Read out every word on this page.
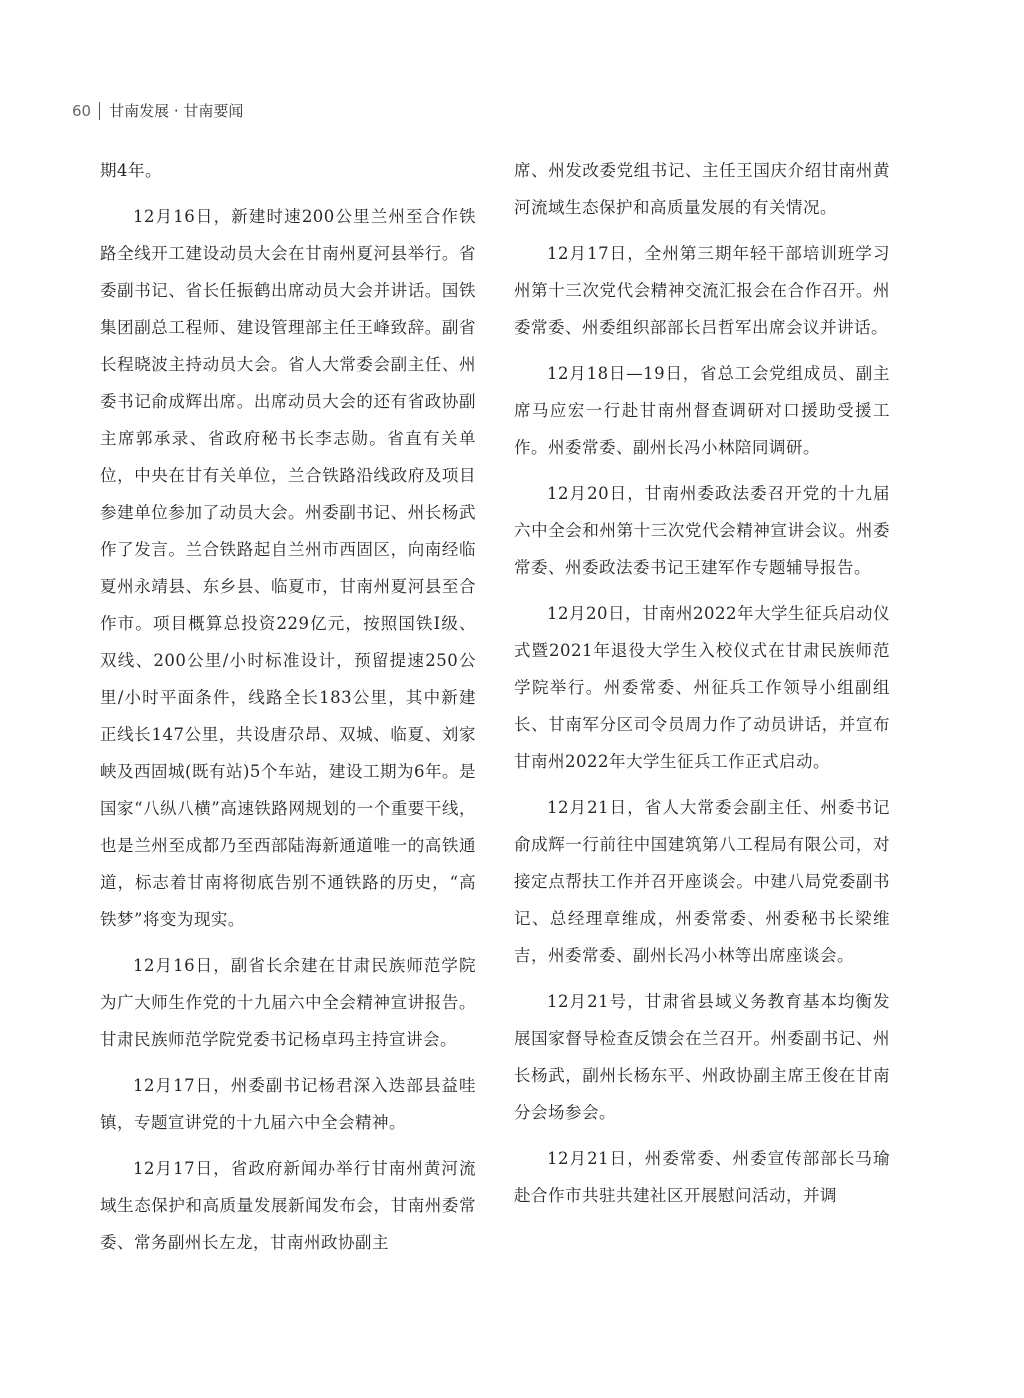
60 甘南发展 · 甘南要闻

期4年。

12月16日，新建时速200公里兰州至合作铁路全线开工建设动员大会在甘南州夏河县举行。省委副书记、省长任振鹤出席动员大会并讲话。国铁集团副总工程师、建设管理部主任王峰致辞。副省长程晓波主持动员大会。省人大常委会副主任、州委书记俞成辉出席。出席动员大会的还有省政协副主席郭承录、省政府秘书长李志勋。省直有关单位，中央在甘有关单位，兰合铁路沿线政府及项目参建单位参加了动员大会。州委副书记、州长杨武作了发言。兰合铁路起自兰州市西固区，向南经临夏州永靖县、东乡县、临夏市，甘南州夏河县至合作市。项目概算总投资229亿元，按照国铁I级、双线、200公里/小时标准设计，预留提速250公里/小时平面条件，线路全长183公里，其中新建正线长147公里，共设唐尕昂、双城、临夏、刘家峡及西固城(既有站)5个车站，建设工期为6年。是国家“八纵八横”高速铁路网规划的一个重要干线，也是兰州至成都乃至西部陆海新通道唯一的高铁通道，标志着甘南将彻底告别不通铁路的历史，“高铁梦”将变为现实。

12月16日，副省长余建在甘肃民族师范学院为广大师生作党的十九届六中全会精神宣讲报告。甘肃民族师范学院党委书记杨卓玛主持宣讲会。

12月17日，州委副书记杨君深入迭部县益哇镇，专题宣讲党的十九届六中全会精神。

12月17日，省政府新闻办举行甘南州黄河流域生态保护和高质量发展新闻发布会，甘南州委常委、常务副州长左龙，甘南州政协副主

席、州发改委党组书记、主任王国庆介绍甘南州黄河流域生态保护和高质量发展的有关情况。

12月17日，全州第三期年轻干部培训班学习州第十三次党代会精神交流汇报会在合作召开。州委常委、州委组织部部长吕哲军出席会议并讲话。

12月18日—19日，省总工会党组成员、副主席马应宏一行赴甘南州督查调研对口援助受援工作。州委常委、副州长冯小林陪同调研。

12月20日，甘南州委政法委召开党的十九届六中全会和州第十三次党代会精神宣讲会议。州委常委、州委政法委书记王建军作专题辅导报告。

12月20日，甘南州2022年大学生征兵启动仪式暨2021年退役大学生入校仪式在甘肃民族师范学院举行。州委常委、州征兵工作领导小组副组长、甘南军分区司令员周力作了动员讲话，并宣布甘南州2022年大学生征兵工作正式启动。

12月21日，省人大常委会副主任、州委书记俞成辉一行前往中国建筑第八工程局有限公司，对接定点帮扶工作并召开座谈会。中建八局党委副书记、总经理章维成，州委常委、州委秘书长梁维吉，州委常委、副州长冯小林等出席座谈会。

12月21号，甘肃省县域义务教育基本均衡发展国家督导检查反馈会在兰召开。州委副书记、州长杨武，副州长杨东平、州政协副主席王俊在甘南分会场参会。

12月21日，州委常委、州委宣传部部长马瑜赴合作市共驻共建社区开展慰问活动，并调
